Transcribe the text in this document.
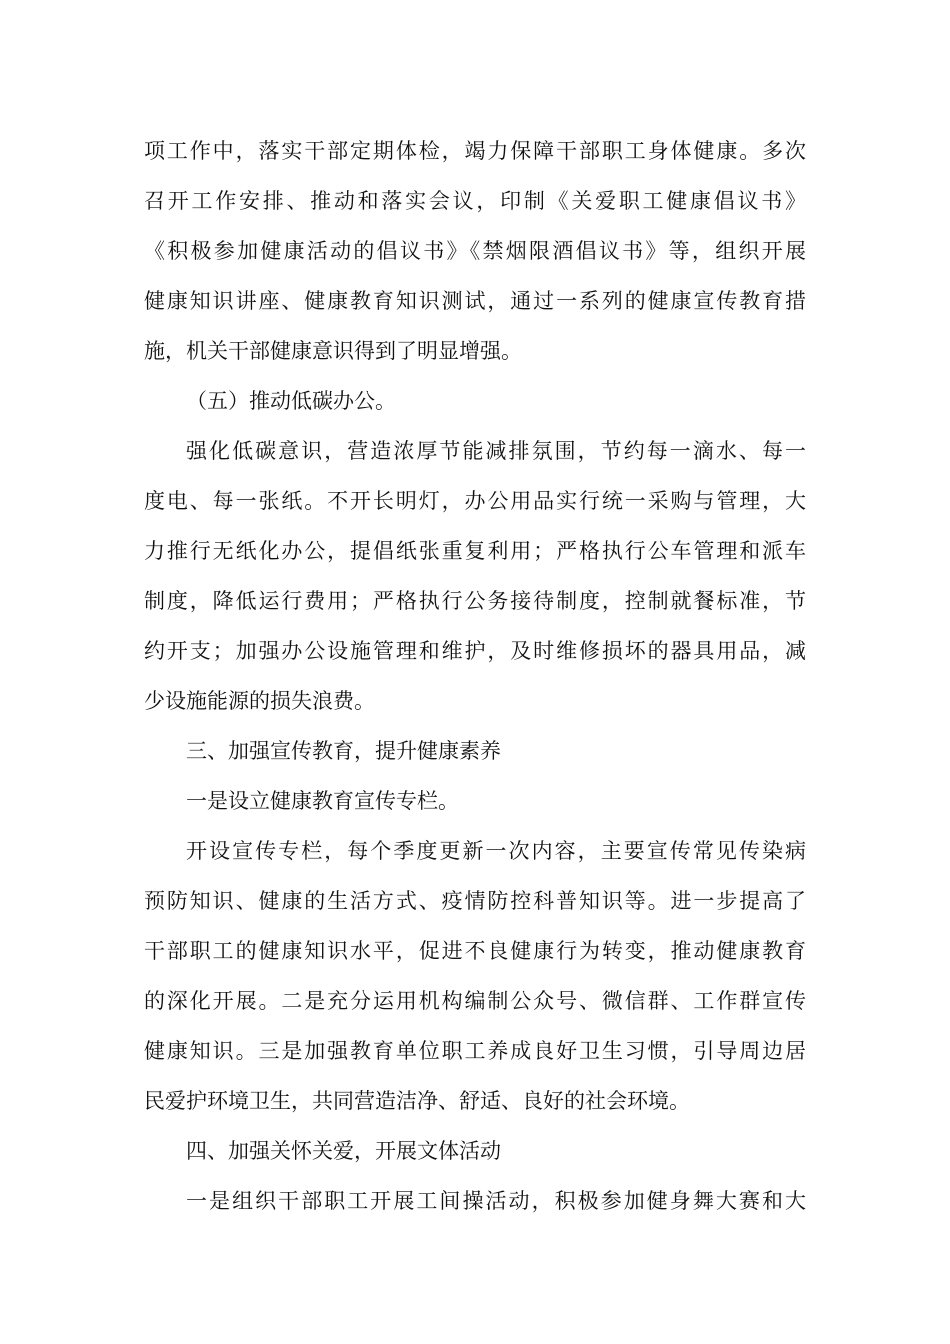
项工作中，落实干部定期体检，竭力保障干部职工身体健康。多次
召开工作安排、推动和落实会议，印制《关爱职工健康倡议书》
《积极参加健康活动的倡议书》《禁烟限酒倡议书》等，组织开展
健康知识讲座、健康教育知识测试，通过一系列的健康宣传教育措
施，机关干部健康意识得到了明显增强。
（五）推动低碳办公。
强化低碳意识，营造浓厚节能减排氛围，节约每一滴水、每一
度电、每一张纸。不开长明灯，办公用品实行统一采购与管理，大
力推行无纸化办公，提倡纸张重复利用；严格执行公车管理和派车
制度，降低运行费用；严格执行公务接待制度，控制就餐标准，节
约开支；加强办公设施管理和维护，及时维修损坏的器具用品，减
少设施能源的损失浪费。
三、加强宣传教育，提升健康素养
一是设立健康教育宣传专栏。
开设宣传专栏，每个季度更新一次内容，主要宣传常见传染病
预防知识、健康的生活方式、疫情防控科普知识等。进一步提高了
干部职工的健康知识水平，促进不良健康行为转变，推动健康教育
的深化开展。二是充分运用机构编制公众号、微信群、工作群宣传
健康知识。三是加强教育单位职工养成良好卫生习惯，引导周边居
民爱护环境卫生，共同营造洁净、舒适、良好的社会环境。
四、加强关怀关爱，开展文体活动
一是组织干部职工开展工间操活动，积极参加健身舞大赛和大
